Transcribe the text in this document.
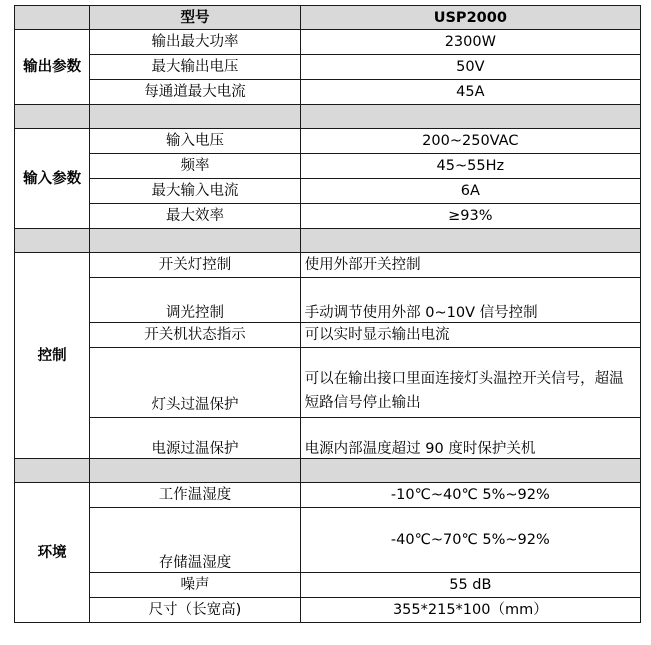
	型号	USP2000
输出参数	输出最大功率	2300W
	最大输出电压	50V
	每通道最大电流	45A

输入参数	输入电压	200~250VAC
	频率	45~55Hz
	最大输入电流	6A
	最大效率	≥93%

控制	开关灯控制	使用外部开关控制
	调光控制	手动调节使用外部 0~10V 信号控制
	开关机状态指示	可以实时显示输出电流
	灯头过温保护	可以在输出接口里面连接灯头温控开关信号，超温短路信号停止输出
	电源过温保护	电源内部温度超过 90 度时保护关机

环境	工作温湿度	-10℃~40℃ 5%~92%
	存储温湿度	-40℃~70℃ 5%~92%
	噪声	55 dB
	尺寸（长宽高)	355*215*100（mm）
